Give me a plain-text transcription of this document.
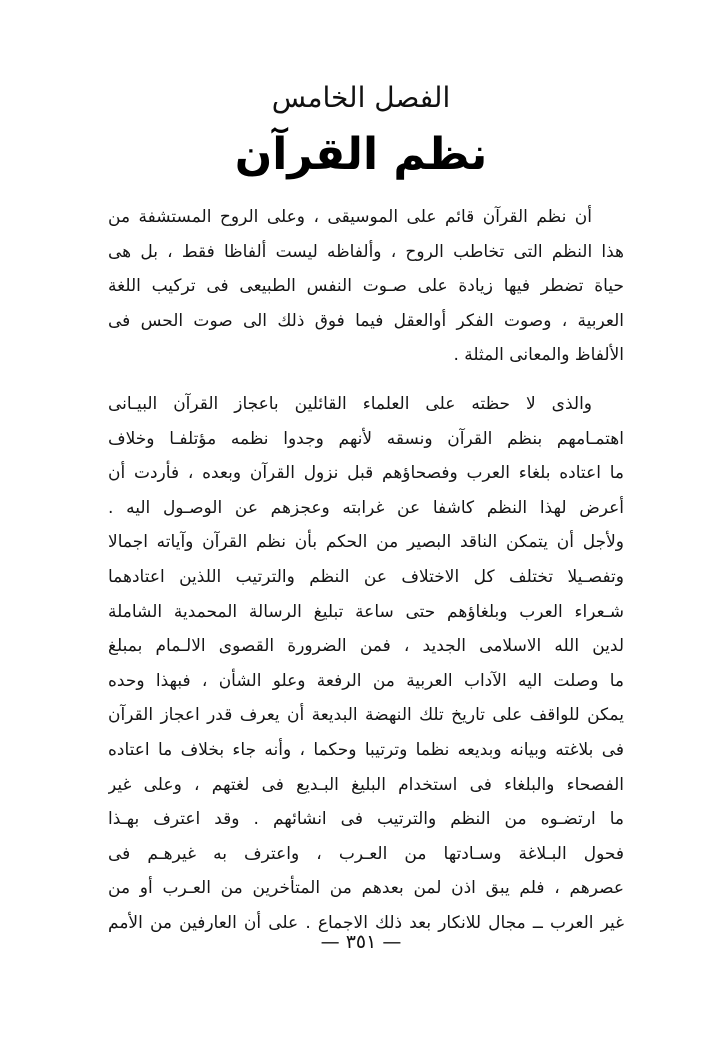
الفصل الخامس
نظم القرآن
أن نظم القرآن قائم على الموسيقى ، وعلى الروح المستشفة من
هذا النظم التى تخاطب الروح ، وألفاظه ليست ألفاظا فقط ، بل هى
حياة تضطر فيها زيادة على صـوت النفس الطبيعى فى تركيب اللغة
العربية ، وصوت الفكر أوالعقل فيما فوق ذلك الى صوت الحس فى
الألفاظ والمعانى المثلة .
والذى لا حظته على العلماء القائلين باعجاز القرآن البيـانى
اهتمـامهم بنظم القرآن ونسقه لأنهم وجدوا نظمه مؤتلفـا وخلاف
ما اعتاده بلغاء العرب وفصحاؤهم قبل نزول القرآن وبعده ، فأردت أن
أعرض لهذا النظم كاشفا عن غرابته وعجزهم عن الوصـول اليه .
ولأجل أن يتمكن الناقد البصير من الحكم بأن نظم القرآن وآياته اجمالا
وتفصـيلا تختلف كل الاختلاف عن النظم والترتيب اللذين اعتادهما
شـعراء العرب وبلغاؤهم حتى ساعة تبليغ الرسالة المحمدية الشاملة
لدين الله الاسلامى الجديد ، فمن الضرورة القصوى الالـمام بمبلغ
ما وصلت اليه الآداب العربية من الرفعة وعلو الشأن ، فبهذا وحده
يمكن للواقف على تاريخ تلك النهضة البديعة أن يعرف قدر اعجاز القرآن
فى بلاغته وبيانه وبديعه نظما وترتيبا وحكما ، وأنه جاء بخلاف ما اعتاده
الفصحاء والبلغاء فى استخدام البليغ البـديع فى لغتهم ، وعلى غير
ما ارتضـوه من النظم والترتيب فى انشائهم . وقد اعترف بهـذا
فحول البـلاغة وسـادتها من العـرب ، واعترف به غيرهـم فى
عصرهم ، فلم يبق اذن لمن بعدهم من المتأخرين من العـرب أو من
غير العرب ــ مجال للانكار بعد ذلك الاجماع . على أن العارفين من الأمم
— ٣٥١ —
